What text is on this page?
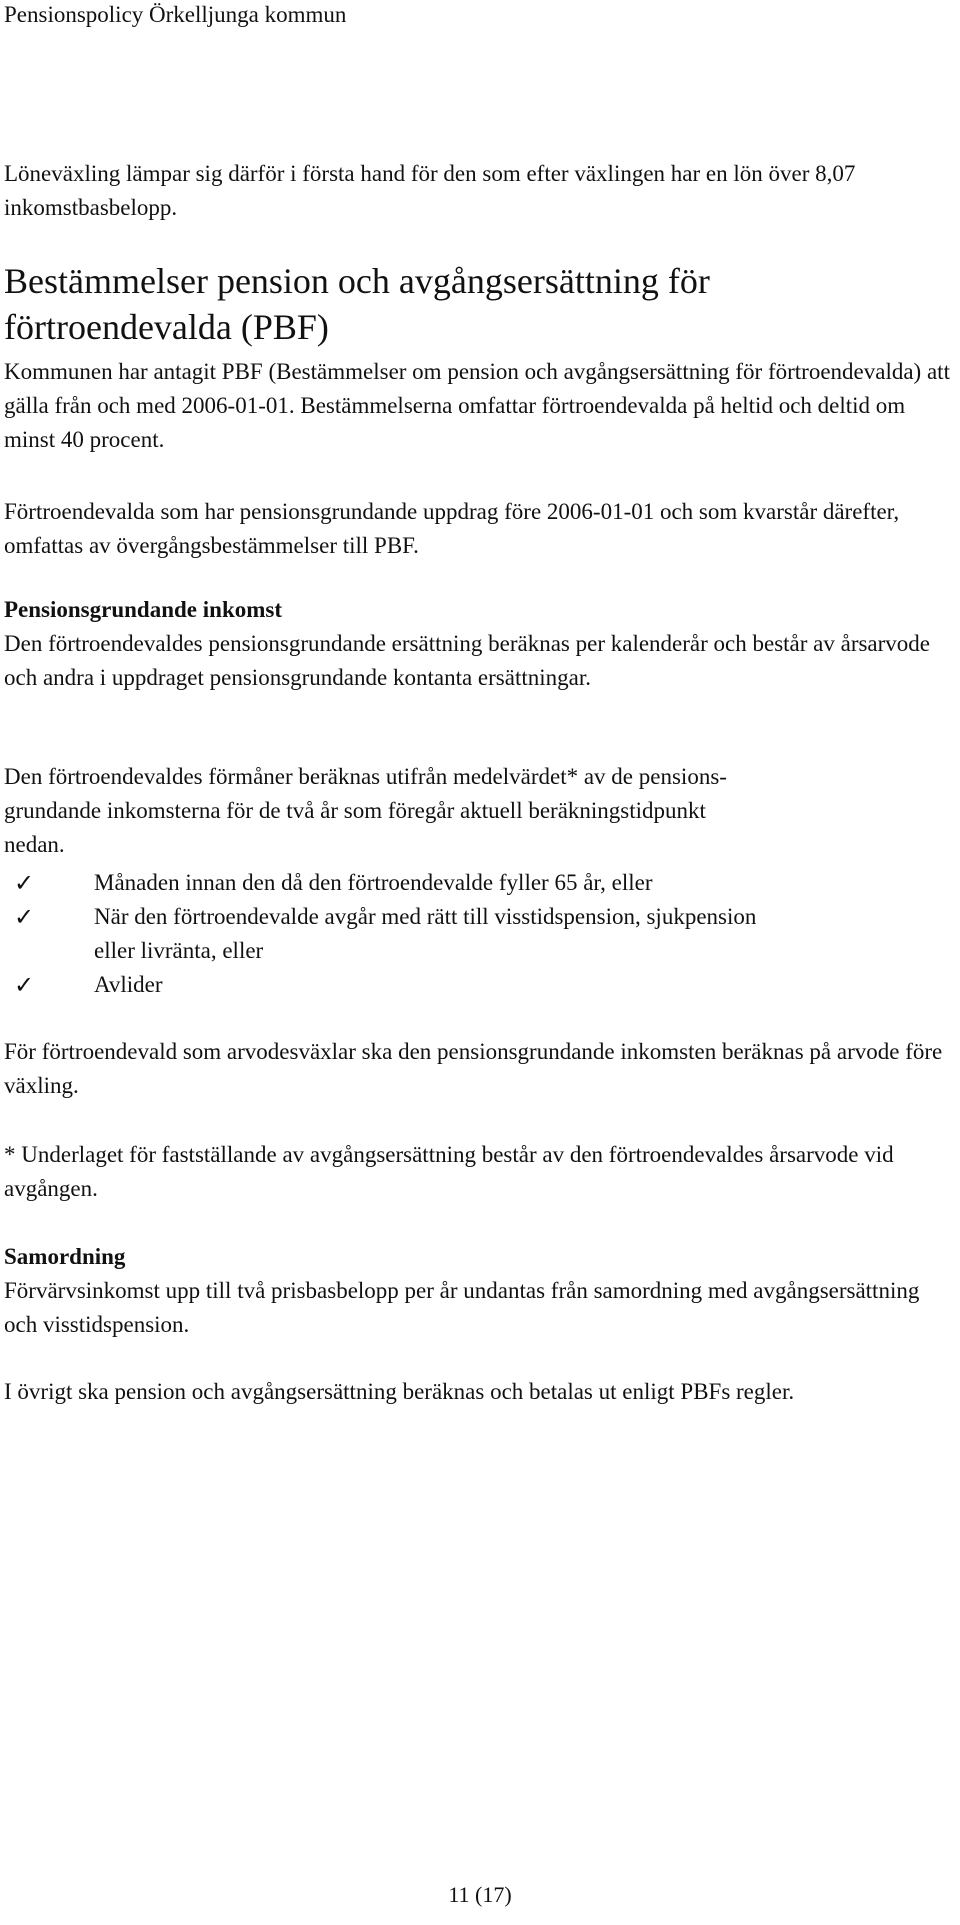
Pensionspolicy Örkelljunga kommun
Löneväxling lämpar sig därför i första hand för den som efter växlingen har en lön över 8,07 inkomstbasbelopp.
Bestämmelser pension och avgångsersättning för
förtroendevalda (PBF)
Kommunen har antagit PBF (Bestämmelser om pension och avgångsersättning för förtroendevalda) att gälla från och med 2006-01-01. Bestämmelserna omfattar förtroendevalda på heltid och deltid om minst 40 procent.
Förtroendevalda som har pensionsgrundande uppdrag före 2006-01-01 och som kvarstår därefter, omfattas av övergångsbestämmelser till PBF.
Pensionsgrundande inkomst
Den förtroendevaldes pensionsgrundande ersättning beräknas per kalenderår och består av årsarvode och andra i uppdraget pensionsgrundande kontanta ersättningar.
Den förtroendevaldes förmåner beräknas utifrån medelvärdet* av de pensions-
grundande inkomsterna för de två år som föregår aktuell beräkningstidpunkt
nedan.
✓	Månaden innan den då den förtroendevalde fyller 65 år, eller
✓	När den förtroendevalde avgår med rätt till visstidspension, sjukpension
eller livränta, eller
✓	Avlider
För förtroendevald som arvodesväxlar ska den pensionsgrundande inkomsten beräknas på arvode före växling.
* Underlaget för fastställande av avgångsersättning består av den förtroendevaldes årsarvode vid avgången.
Samordning
Förvärvsinkomst upp till två prisbasbelopp per år undantas från samordning med avgångsersättning och visstidspension.
I övrigt ska pension och avgångsersättning beräknas och betalas ut enligt PBFs regler.
11 (17)
